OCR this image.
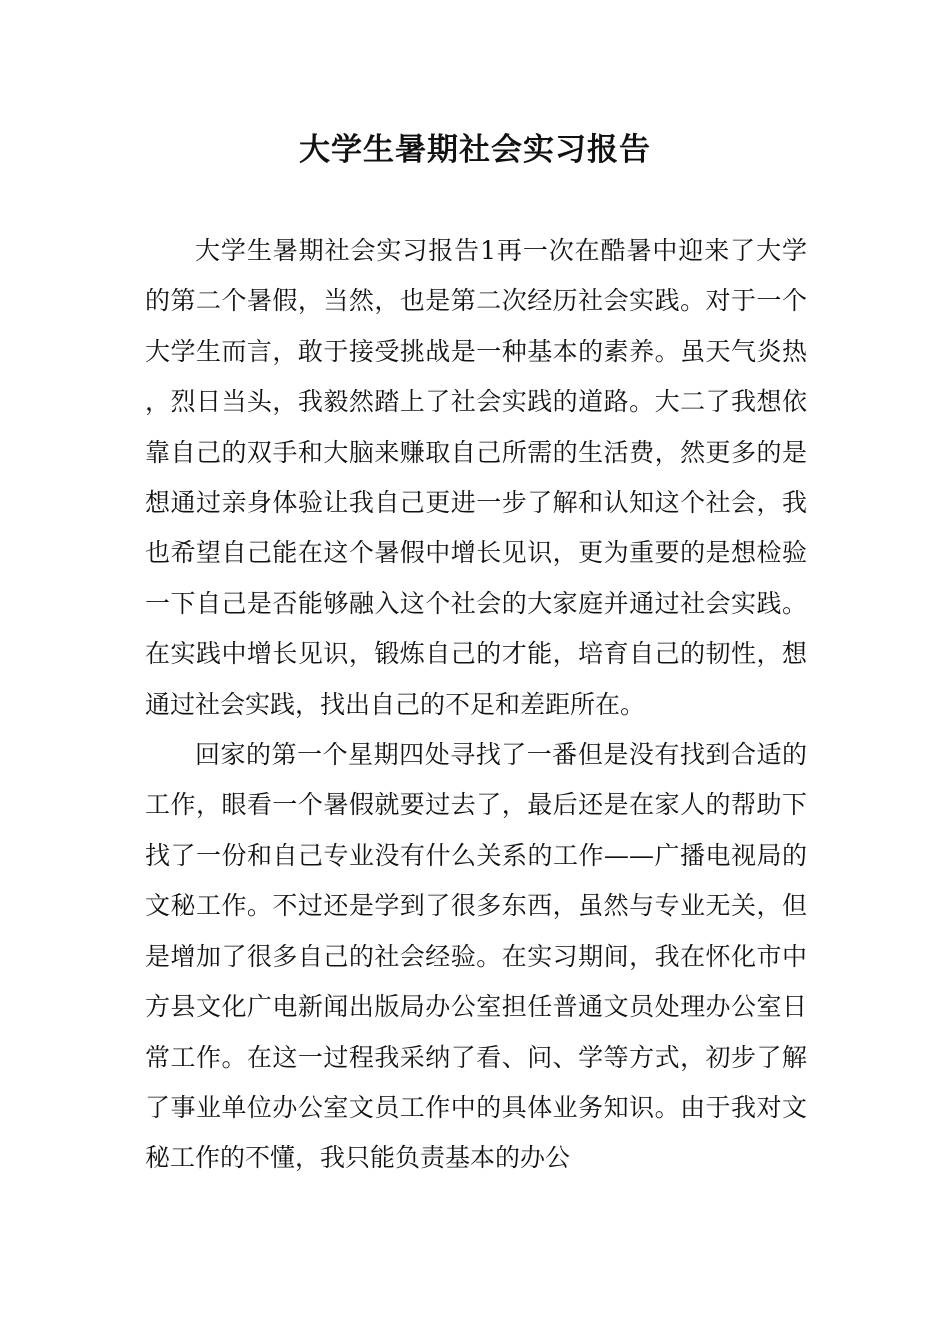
大学生暑期社会实习报告

大学生暑期社会实习报告1再一次在酷暑中迎来了大学的第二个暑假，当然，也是第二次经历社会实践。对于一个大学生而言，敢于接受挑战是一种基本的素养。虽天气炎热，烈日当头，我毅然踏上了社会实践的道路。大二了我想依靠自己的双手和大脑来赚取自己所需的生活费，然更多的是想通过亲身体验让我自己更进一步了解和认知这个社会，我也希望自己能在这个暑假中增长见识，更为重要的是想检验一下自己是否能够融入这个社会的大家庭并通过社会实践。在实践中增长见识，锻炼自己的才能，培育自己的韧性，想通过社会实践，找出自己的不足和差距所在。

回家的第一个星期四处寻找了一番但是没有找到合适的工作，眼看一个暑假就要过去了，最后还是在家人的帮助下找了一份和自己专业没有什么关系的工作——广播电视局的文秘工作。不过还是学到了很多东西，虽然与专业无关，但是增加了很多自己的社会经验。在实习期间，我在怀化市中方县文化广电新闻出版局办公室担任普通文员处理办公室日常工作。在这一过程我采纳了看、问、学等方式，初步了解了事业单位办公室文员工作中的具体业务知识。由于我对文秘工作的不懂，我只能负责基本的办公
